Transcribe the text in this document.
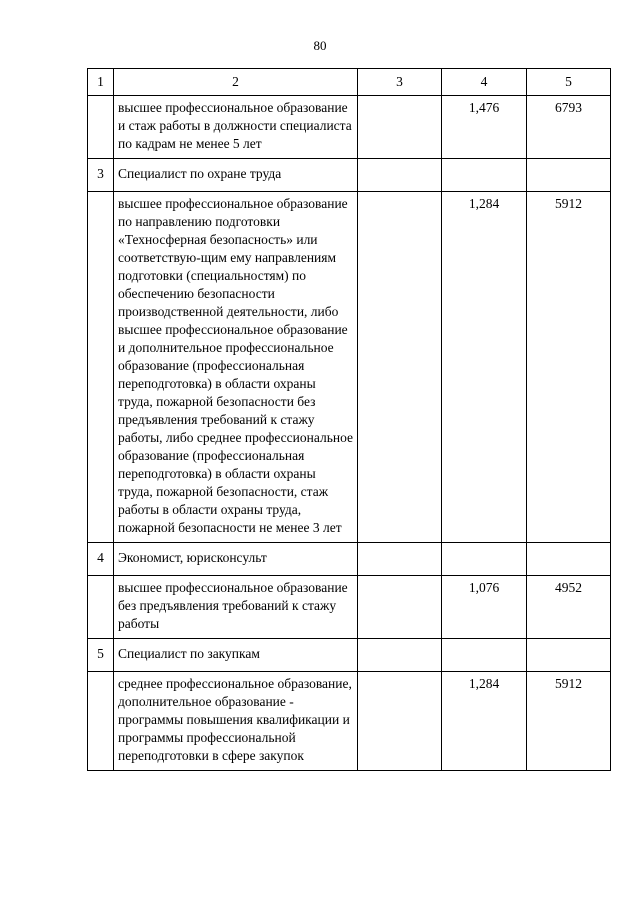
80
1	2	3	4	5
	высшее профессиональное образование и стаж работы в должности специалиста по кадрам не менее 5 лет		1,476	6793
3	Специалист по охране труда			
	высшее профессиональное образование по направлению подготовки «Техносферная безопасность» или соответствую-щим ему направлениям подготовки (специальностям) по обеспечению безопасности производственной деятельности, либо высшее профессиональное образование и дополнительное профессиональное образование (профессиональная переподготовка) в области охраны труда, пожарной безопасности без предъявления требований к стажу работы, либо среднее профессиональное образование (профессиональная переподготовка) в области охраны труда, пожарной безопасности, стаж работы в области охраны труда, пожарной безопасности не менее 3 лет		1,284	5912
4	Экономист, юрисконсульт			
	высшее профессиональное образование без предъявления требований к стажу работы		1,076	4952
5	Специалист по закупкам			
	среднее профессиональное образование, дополнительное образование - программы повышения квалификации и программы профессиональной переподготовки в сфере закупок		1,284	5912
